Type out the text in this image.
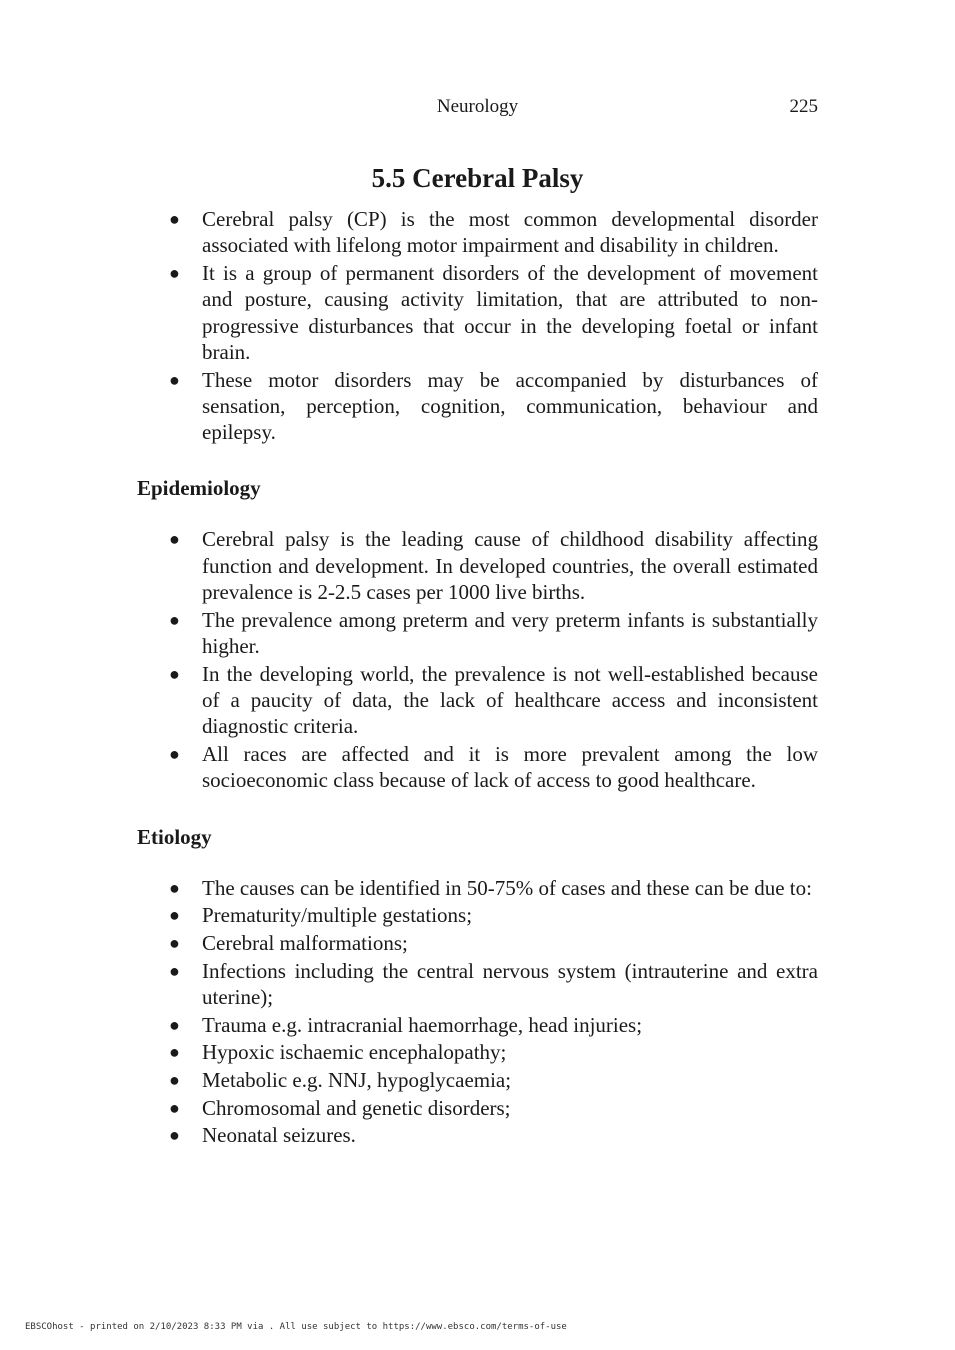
Neurology	225
5.5 Cerebral Palsy
● Cerebral palsy (CP) is the most common developmental disorder associated with lifelong motor impairment and disability in children.
● It is a group of permanent disorders of the development of movement and posture, causing activity limitation, that are attributed to non-progressive disturbances that occur in the developing foetal or infant brain.
● These motor disorders may be accompanied by disturbances of sensation, perception, cognition, communication, behaviour and epilepsy.
Epidemiology
● Cerebral palsy is the leading cause of childhood disability affecting function and development. In developed countries, the overall estimated prevalence is 2-2.5 cases per 1000 live births.
● The prevalence among preterm and very preterm infants is substantially higher.
● In the developing world, the prevalence is not well-established because of a paucity of data, the lack of healthcare access and inconsistent diagnostic criteria.
● All races are affected and it is more prevalent among the low socioeconomic class because of lack of access to good healthcare.
Etiology
● The causes can be identified in 50-75% of cases and these can be due to:
● Prematurity/multiple gestations;
● Cerebral malformations;
● Infections including the central nervous system (intrauterine and extra uterine);
● Trauma e.g. intracranial haemorrhage, head injuries;
● Hypoxic ischaemic encephalopathy;
● Metabolic e.g. NNJ, hypoglycaemia;
● Chromosomal and genetic disorders;
● Neonatal seizures.
EBSCOhost - printed on 2/10/2023 8:33 PM via . All use subject to https://www.ebsco.com/terms-of-use
